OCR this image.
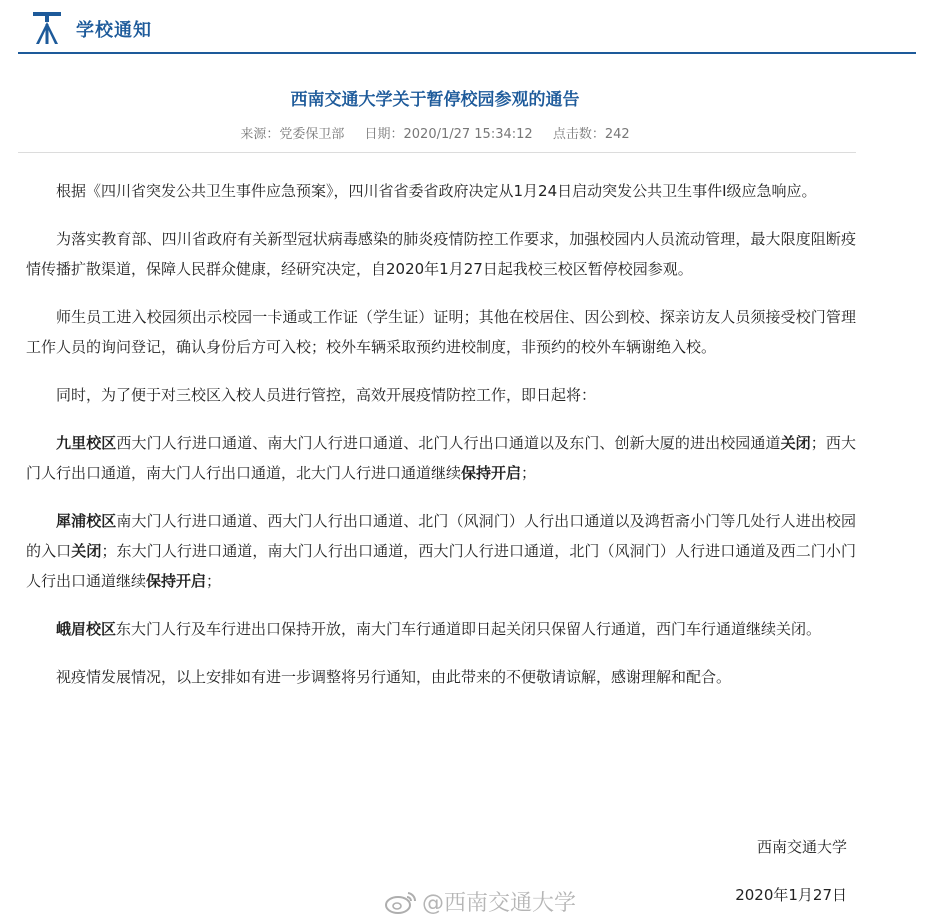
学校通知
西南交通大学关于暂停校园参观的通告
来源：党委保卫部 日期：2020/1/27 15:34:12 点击数：242

根据《四川省突发公共卫生事件应急预案》，四川省省委省政府决定从1月24日启动突发公共卫生事件I级应急响应。

为落实教育部、四川省政府有关新型冠状病毒感染的肺炎疫情防控工作要求，加强校园内人员流动管理，最大限度阻断疫情传播扩散渠道，保障人民群众健康，经研究决定，自2020年1月27日起我校三校区暂停校园参观。

师生员工进入校园须出示校园一卡通或工作证（学生证）证明；其他在校居住、因公到校、探亲访友人员须接受校门管理工作人员的询问登记，确认身份后方可入校；校外车辆采取预约进校制度，非预约的校外车辆谢绝入校。

同时，为了便于对三校区入校人员进行管控，高效开展疫情防控工作，即日起将：

九里校区西大门人行进口通道、南大门人行进口通道、北门人行出口通道以及东门、创新大厦的进出校园通道关闭；西大门人行出口通道，南大门人行出口通道，北大门人行进口通道继续保持开启；

犀浦校区南大门人行进口通道、西大门人行出口通道、北门（风洞门）人行出口通道以及鸿哲斋小门等几处行人进出校园的入口关闭；东大门人行进口通道，南大门人行出口通道，西大门人行进口通道，北门（风洞门）人行进口通道及西二门小门人行出口通道继续保持开启；

峨眉校区东大门人行及车行进出口保持开放，南大门车行通道即日起关闭只保留人行通道，西门车行通道继续关闭。

视疫情发展情况，以上安排如有进一步调整将另行通知，由此带来的不便敬请谅解，感谢理解和配合。

西南交通大学
@西南交通大学	2020年1月27日
